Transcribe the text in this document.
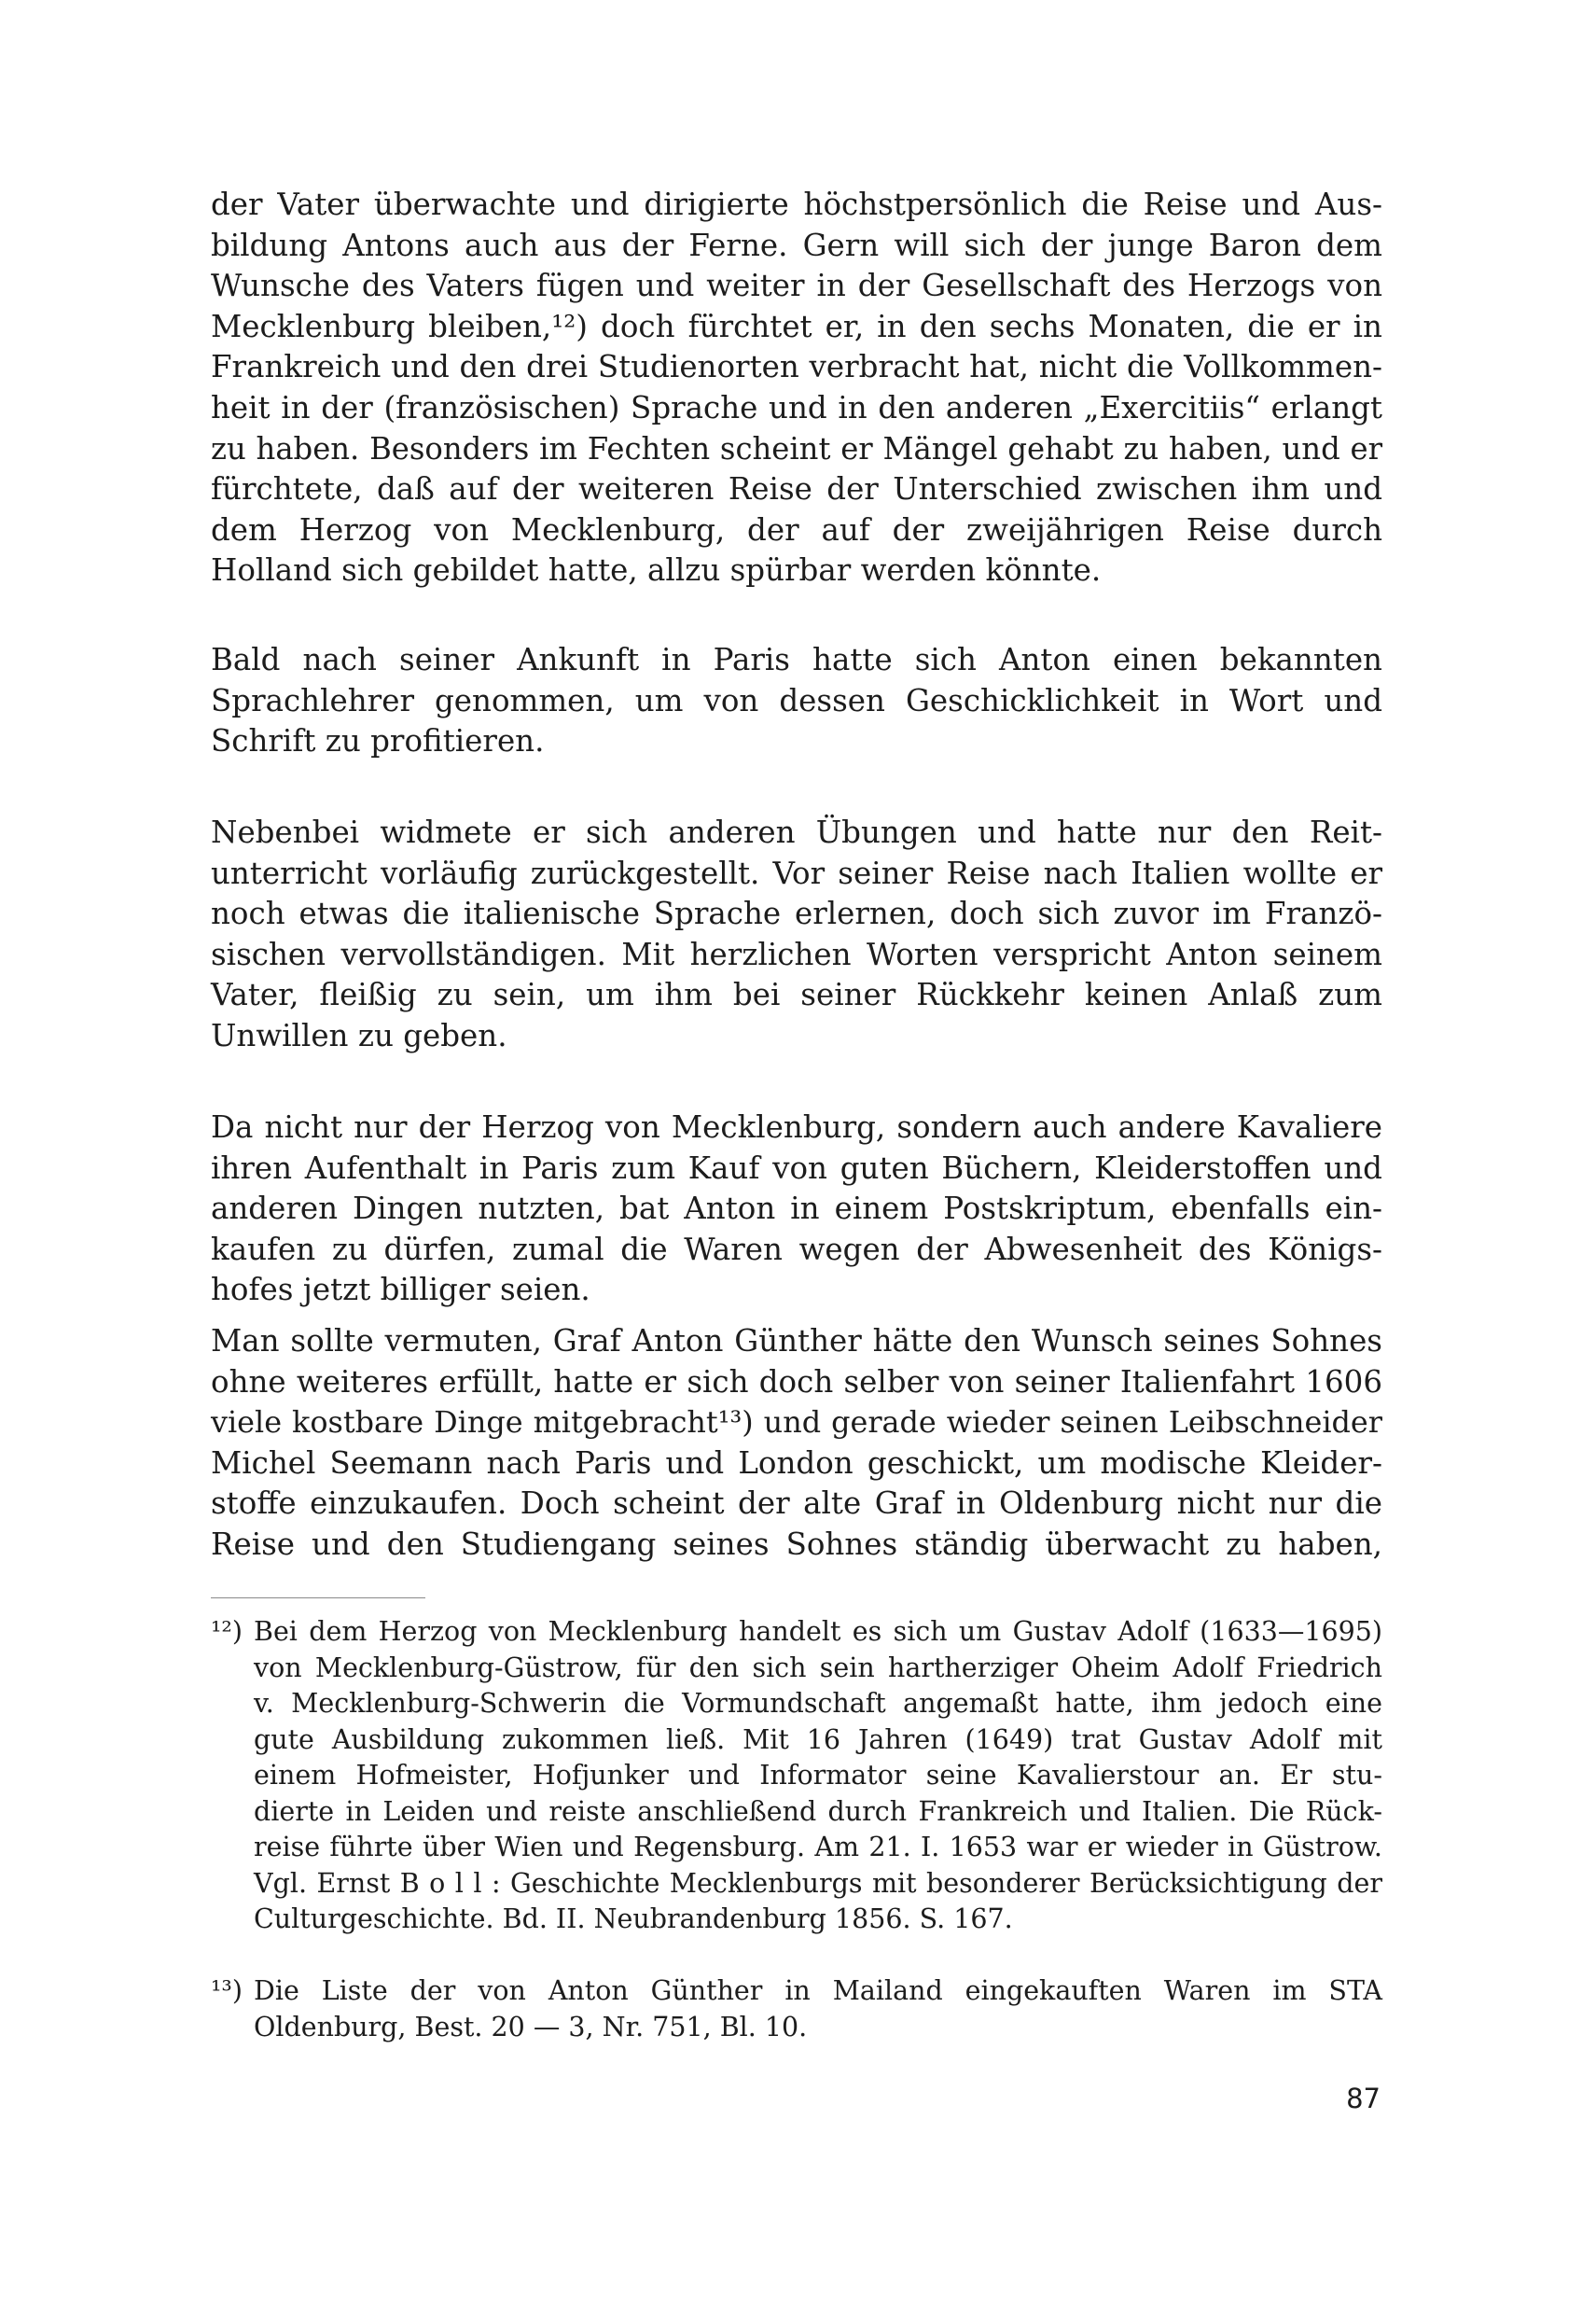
der Vater überwachte und dirigierte höchstpersönlich die Reise und Aus-
bildung Antons auch aus der Ferne. Gern will sich der junge Baron dem
Wunsche des Vaters fügen und weiter in der Gesellschaft des Herzogs von
Mecklenburg bleiben,¹²) doch fürchtet er, in den sechs Monaten, die er in
Frankreich und den drei Studienorten verbracht hat, nicht die Vollkommen-
heit in der (französischen) Sprache und in den anderen „Exercitiis“ erlangt
zu haben. Besonders im Fechten scheint er Mängel gehabt zu haben, und er
fürchtete, daß auf der weiteren Reise der Unterschied zwischen ihm und
dem Herzog von Mecklenburg, der auf der zweijährigen Reise durch
Holland sich gebildet hatte, allzu spürbar werden könnte.

Bald nach seiner Ankunft in Paris hatte sich Anton einen bekannten
Sprachlehrer genommen, um von dessen Geschicklichkeit in Wort und
Schrift zu profitieren.

Nebenbei widmete er sich anderen Übungen und hatte nur den Reit-
unterricht vorläufig zurückgestellt. Vor seiner Reise nach Italien wollte er
noch etwas die italienische Sprache erlernen, doch sich zuvor im Franzö-
sischen vervollständigen. Mit herzlichen Worten verspricht Anton seinem
Vater, fleißig zu sein, um ihm bei seiner Rückkehr keinen Anlaß zum
Unwillen zu geben.

Da nicht nur der Herzog von Mecklenburg, sondern auch andere Kavaliere
ihren Aufenthalt in Paris zum Kauf von guten Büchern, Kleiderstoffen und
anderen Dingen nutzten, bat Anton in einem Postskriptum, ebenfalls ein-
kaufen zu dürfen, zumal die Waren wegen der Abwesenheit des Königs-
hofes jetzt billiger seien.

Man sollte vermuten, Graf Anton Günther hätte den Wunsch seines Sohnes
ohne weiteres erfüllt, hatte er sich doch selber von seiner Italienfahrt 1606
viele kostbare Dinge mitgebracht¹³) und gerade wieder seinen Leibschneider
Michel Seemann nach Paris und London geschickt, um modische Kleider-
stoffe einzukaufen. Doch scheint der alte Graf in Oldenburg nicht nur die
Reise und den Studiengang seines Sohnes ständig überwacht zu haben,

¹²) Bei dem Herzog von Mecklenburg handelt es sich um Gustav Adolf (1633—1695)
von Mecklenburg-Güstrow, für den sich sein hartherziger Oheim Adolf Friedrich
v. Mecklenburg-Schwerin die Vormundschaft angemaßt hatte, ihm jedoch eine
gute Ausbildung zukommen ließ. Mit 16 Jahren (1649) trat Gustav Adolf mit
einem Hofmeister, Hofjunker und Informator seine Kavalierstour an. Er stu-
dierte in Leiden und reiste anschließend durch Frankreich und Italien. Die Rück-
reise führte über Wien und Regensburg. Am 21. I. 1653 war er wieder in Güstrow.
Vgl. Ernst B o l l : Geschichte Mecklenburgs mit besonderer Berücksichtigung der
Culturgeschichte. Bd. II. Neubrandenburg 1856. S. 167.
¹³) Die Liste der von Anton Günther in Mailand eingekauften Waren im STA
Oldenburg, Best. 20 — 3, Nr. 751, Bl. 10.
87
